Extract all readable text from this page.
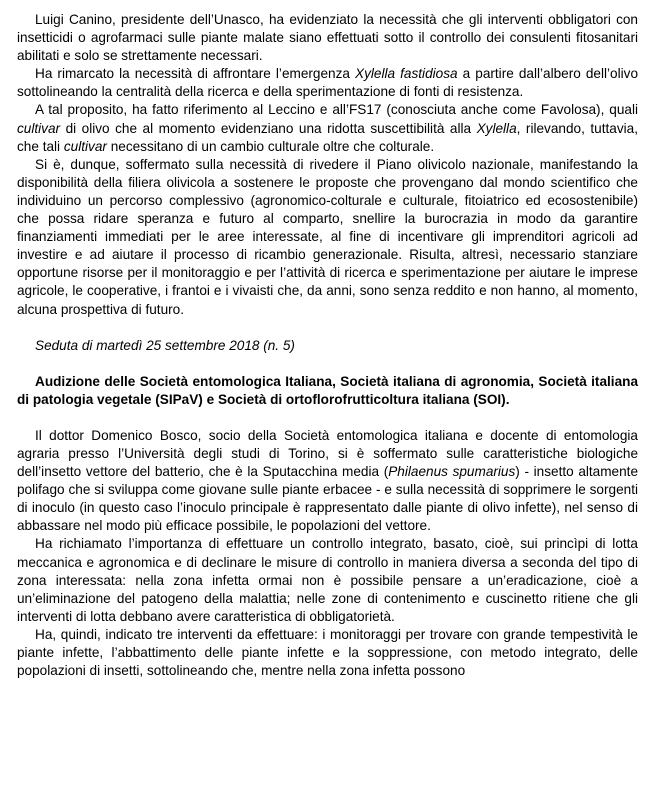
Luigi Canino, presidente dell’Unasco, ha evidenziato la necessità che gli interventi obbligatori con insetticidi o agrofarmaci sulle piante malate siano effettuati sotto il controllo dei consulenti fitosanitari abilitati e solo se strettamente necessari.

Ha rimarcato la necessità di affrontare l’emergenza Xylella fastidiosa a partire dall’albero dell’olivo sottolineando la centralità della ricerca e della sperimentazione di fonti di resistenza.

A tal proposito, ha fatto riferimento al Leccino e all’FS17 (conosciuta anche come Favolosa), quali cultivar di olivo che al momento evidenziano una ridotta suscettibilità alla Xylella, rilevando, tuttavia, che tali cultivar necessitano di un cambio culturale oltre che colturale.

Si è, dunque, soffermato sulla necessità di rivedere il Piano olivicolo nazionale, manifestando la disponibilità della filiera olivicola a sostenere le proposte che provengano dal mondo scientifico che individuino un percorso complessivo (agronomico-colturale e culturale, fitoiatrico ed ecosostenibile) che possa ridare speranza e futuro al comparto, snellire la burocrazia in modo da garantire finanziamenti immediati per le aree interessate, al fine di incentivare gli imprenditori agricoli ad investire e ad aiutare il processo di ricambio generazionale. Risulta, altresì, necessario stanziare opportune risorse per il monitoraggio e per l’attività di ricerca e sperimentazione per aiutare le imprese agricole, le cooperative, i frantoi e i vivaisti che, da anni, sono senza reddito e non hanno, al momento, alcuna prospettiva di futuro.

Seduta di martedì 25 settembre 2018 (n. 5)

Audizione delle Società entomologica Italiana, Società italiana di agronomia, Società italiana di patologia vegetale (SIPaV) e Società di ortoflorofrutticoltura italiana (SOI).

Il dottor Domenico Bosco, socio della Società entomologica italiana e docente di entomologia agraria presso l’Università degli studi di Torino, si è soffermato sulle caratteristiche biologiche dell’insetto vettore del batterio, che è la Sputacchina media (Philaenus spumarius) - insetto altamente polifago che si sviluppa come giovane sulle piante erbacee - e sulla necessità di sopprimere le sorgenti di inoculo (in questo caso l’inoculo principale è rappresentato dalle piante di olivo infette), nel senso di abbassare nel modo più efficace possibile, le popolazioni del vettore.

Ha richiamato l’importanza di effettuare un controllo integrato, basato, cioè, sui princìpi di lotta meccanica e agronomica e di declinare le misure di controllo in maniera diversa a seconda del tipo di zona interessata: nella zona infetta ormai non è possibile pensare a un’eradicazione, cioè a un’eliminazione del patogeno della malattia; nelle zone di contenimento e cuscinetto ritiene che gli interventi di lotta debbano avere caratteristica di obbligatorietà.

Ha, quindi, indicato tre interventi da effettuare: i monitoraggi per trovare con grande tempestività le piante infette, l’abbattimento delle piante infette e la soppressione, con metodo integrato, delle popolazioni di insetti, sottolineando che, mentre nella zona infetta possono
